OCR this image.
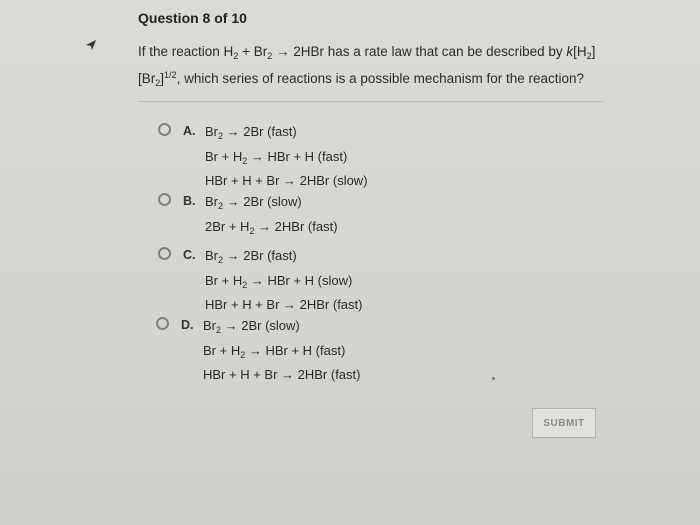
Question 8 of 10
If the reaction $H_2 + Br_2 \to 2HBr$ has a rate law that can be described by $k[H_2]$
$[Br_2]^{1/2}$, which series of reactions is a possible mechanism for the reaction?
A. $Br_2 \to 2Br$ (fast)
$Br + H_2$ → HBr + H (fast)
HBr + H + Br → 2HBr (slow)
B. $Br_2 \to 2Br$ (slow)
$2Br + H_2 \to 2HBr$ (fast)
C. $Br_2 \to 2Br$ (fast)
$Br + H_2$ → HBr + H (slow)
HBr + H + Br → 2HBr (fast)
D. $Br_2 \to 2Br$ (slow)
$Br + H_2$ → HBr + H (fast)
HBr + H + Br → 2HBr (fast)
SUBMIT
